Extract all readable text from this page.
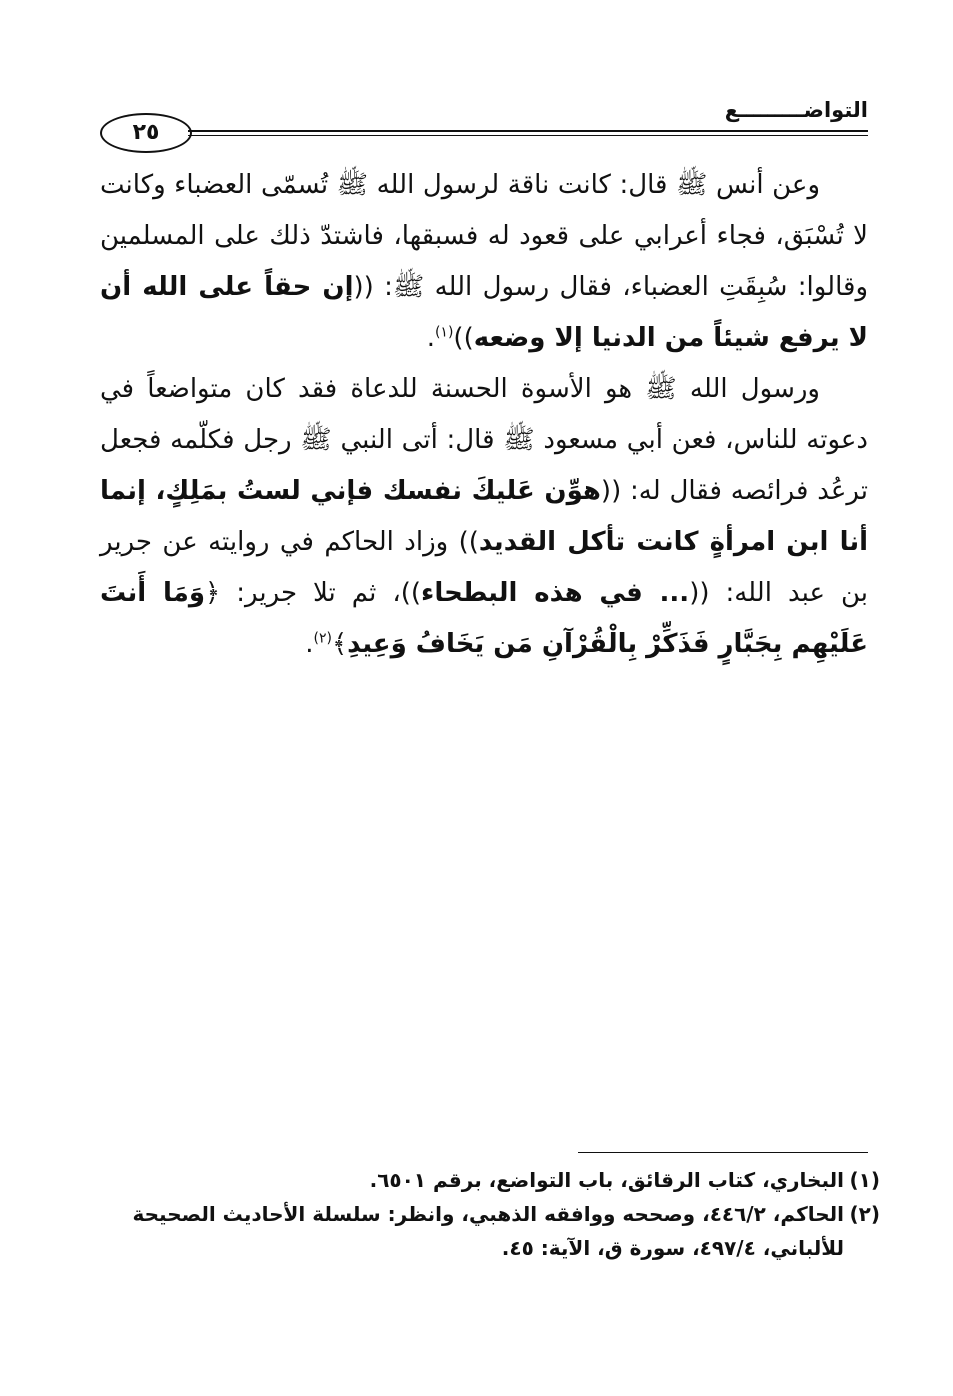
التواضـــــــــع
٢٥

وعن أنس ﷺ قال: كانت ناقة لرسول الله ﷺ تُسمّى العضباء وكانت لا تُسْبَق، فجاء أعرابي على قعود له فسبقها، فاشتدّ ذلك على المسلمين وقالوا: سُبِقَتِ العضباء، فقال رسول الله ﷺ: ((إن حقاً على الله أن لا يرفع شيئاً من الدنيا إلا وضعه))$^{(١)}$.

ورسول الله ﷺ هو الأسوة الحسنة للدعاة فقد كان متواضعاً في دعوته للناس، فعن أبي مسعود ﷺ قال: أتى النبي ﷺ رجل فكلّمه فجعل ترعُد فرائصه فقال له: ((هوِّن عَليكَ نفسك فإني لستُ بمَلِكٍ، إنما أنا ابن امرأةٍ كانت تأكل القديد)) وزاد الحاكم في روايته عن جرير بن عبد الله: ((... في هذه البطحاء))، ثم تلا جرير: ﴿وَمَا أَنتَ عَلَيْهِم بِجَبَّارٍ فَذَكِّرْ بِالْقُرْآنِ مَن يَخَافُ وَعِيدِ﴾$^{(٢)}$.

(١)
البخاري، كتاب الرقائق، باب التواضع، برقم ٦٥٠١.
(٢)
الحاكم، ٤٤٦/٢، وصححه ووافقه الذهبي، وانظر: سلسلة الأحاديث الصحيحة للألباني، ٤٩٧/٤، سورة ق، الآية: ٤٥.
